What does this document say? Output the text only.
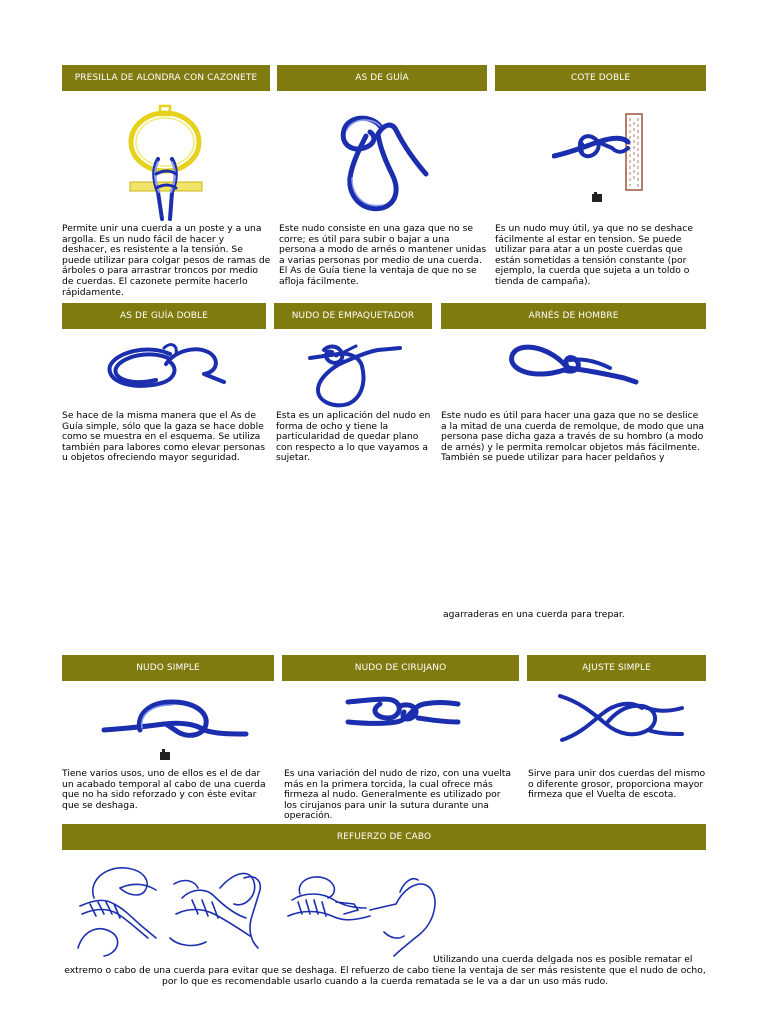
PRESILLA DE ALONDRA CON CAZONETE	AS DE GUÍA	COTE DOBLE
Permite unir una cuerda a un poste y a una argolla. Es un nudo fácil de hacer y deshacer, es resistente a la tensión. Se puede utilizar para colgar pesos de ramas de árboles o para arrastrar troncos por medio de cuerdas. El cazonete permite hacerlo rápidamente.
Este nudo consiste en una gaza que no se corre; es útil para subir o bajar a una persona a modo de arnés o mantener unidas a varias personas por medio de una cuerda. El As de Guía tiene la ventaja de que no se afloja fácilmente.
Es un nudo muy útil, ya que no se deshace fácilmente al estar en tension. Se puede utilizar para atar a un poste cuerdas que están sometidas a tensión constante (por ejemplo, la cuerda que sujeta a un toldo o tienda de campaña).
AS DE GUÍA DOBLE	NUDO DE EMPAQUETADOR	ARNÉS DE HOMBRE
Se hace de la misma manera que el As de Guía simple, sólo que la gaza se hace doble como se muestra en el esquema. Se utiliza también para labores como elevar personas u objetos ofreciendo mayor seguridad.
Esta es un aplicación del nudo en forma de ocho y tiene la particularidad de quedar plano con respecto a lo que vayamos a sujetar.
Este nudo es útil para hacer una gaza que no se deslice a la mitad de una cuerda de remolque, de modo que una persona pase dicha gaza a través de su hombro (a modo de arnés) y le permita remolcar objetos más fácilmente. También se puede utilizar para hacer peldaños y
agarraderas en una cuerda para trepar.
NUDO SIMPLE	NUDO DE CIRUJANO	AJUSTE SIMPLE
Tiene varios usos, uno de ellos es el de dar un acabado temporal al cabo de una cuerda que no ha sido reforzado y con éste evitar que se deshaga.
Es una variación del nudo de rizo, con una vuelta más en la primera torcida, la cual ofrece más firmeza al nudo. Generalmente es utilizado por los cirujanos para unir la sutura durante una operación.
Sirve para unir dos cuerdas del mismo o diferente grosor, proporciona mayor firmeza que el Vuelta de escota.
REFUERZO DE CABO
Utilizando una cuerda delgada nos es posible rematar el
extremo o cabo de una cuerda para evitar que se deshaga. El refuerzo de cabo tiene la ventaja de ser más resistente que el nudo de ocho,
por lo que es recomendable usarlo cuando a la cuerda rematada se le va a dar un uso más rudo.
